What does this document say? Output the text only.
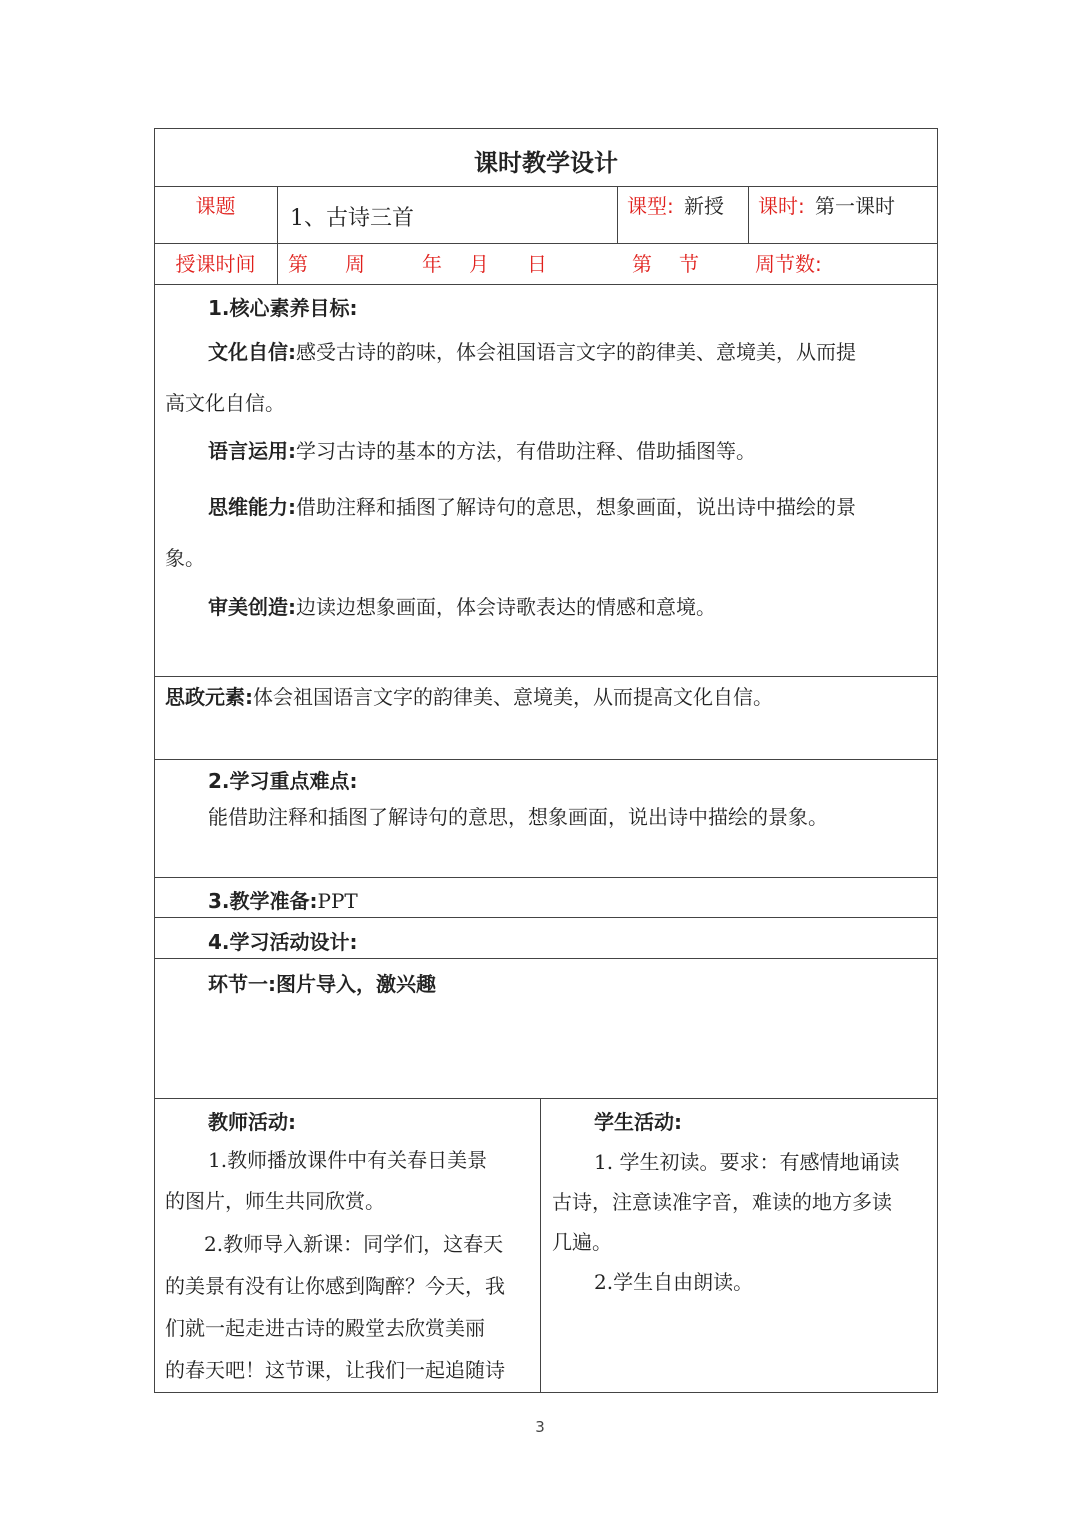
课时教学设计
课题	1、古诗三首	课型: 新授 课时: 第一课时
授课时间	第 周	年 月 日	第 节	周节数:
1.核心素养目标:
文化自信:感受古诗的韵味，体会祖国语言文字的韵律美、意境美，从而提
高文化自信。
语言运用:学习古诗的基本的方法，有借助注释、借助插图等。
思维能力:借助注释和插图了解诗句的意思，想象画面，说出诗中描绘的景
象。
审美创造:边读边想象画面，体会诗歌表达的情感和意境。
思政元素:体会祖国语言文字的韵律美、意境美，从而提高文化自信。
2.学习重点难点:
能借助注释和插图了解诗句的意思，想象画面，说出诗中描绘的景象。
3.教学准备:PPT
4.学习活动设计:
环节一:图片导入，激兴趣
教师活动:
1.教师播放课件中有关春日美景
的图片，师生共同欣赏。
2.教师导入新课：同学们，这春天
的美景有没有让你感到陶醉？今天，我
们就一起走进古诗的殿堂去欣赏美丽
的春天吧！这节课，让我们一起追随诗
学生活动:
1. 学生初读。要求：有感情地诵读
古诗，注意读准字音，难读的地方多读
几遍。
2.学生自由朗读。
3
